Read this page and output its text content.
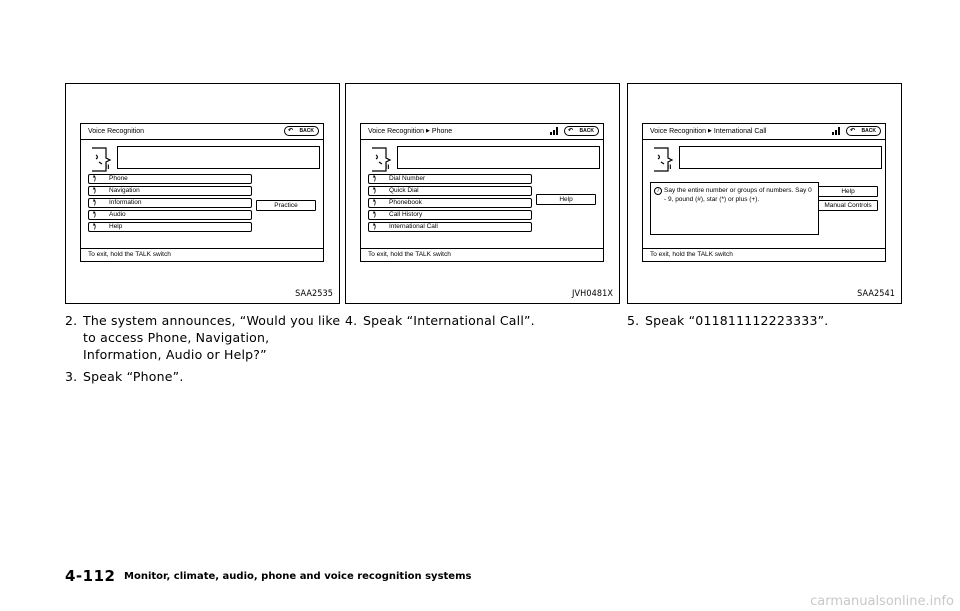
Voice Recognition	↶ BACK
ıı
ꞌꞌ) Phone
ꞌꞌ) Navigation
ꞌꞌ) Information
ꞌꞌ) Audio
ꞌꞌ) Help
Practice
To exit, hold the TALK switch
SAA2535
Voice Recognition ▶ Phone	↶ BACK
ıı
ꞌꞌ) Dial Number
ꞌꞌ) Quick Dial
ꞌꞌ) Phonebook
ꞌꞌ) Call History
ꞌꞌ) International Call
Help
To exit, hold the TALK switch
JVH0481X
Voice Recognition ▶ International Call	↶ BACK
ıı
i Say the entire number or groups of numbers. Say 0 - 9, pound (#), star (*) or plus (+).
Help
Manual Controls
To exit, hold the TALK switch
SAA2541
2. The system announces, “Would you like to access Phone, Navigation, Information, Audio or Help?”
3. Speak “Phone”.
4. Speak “International Call”.	5. Speak “011811112223333”.
4-112 Monitor, climate, audio, phone and voice recognition systems
carmanualsonline.info
